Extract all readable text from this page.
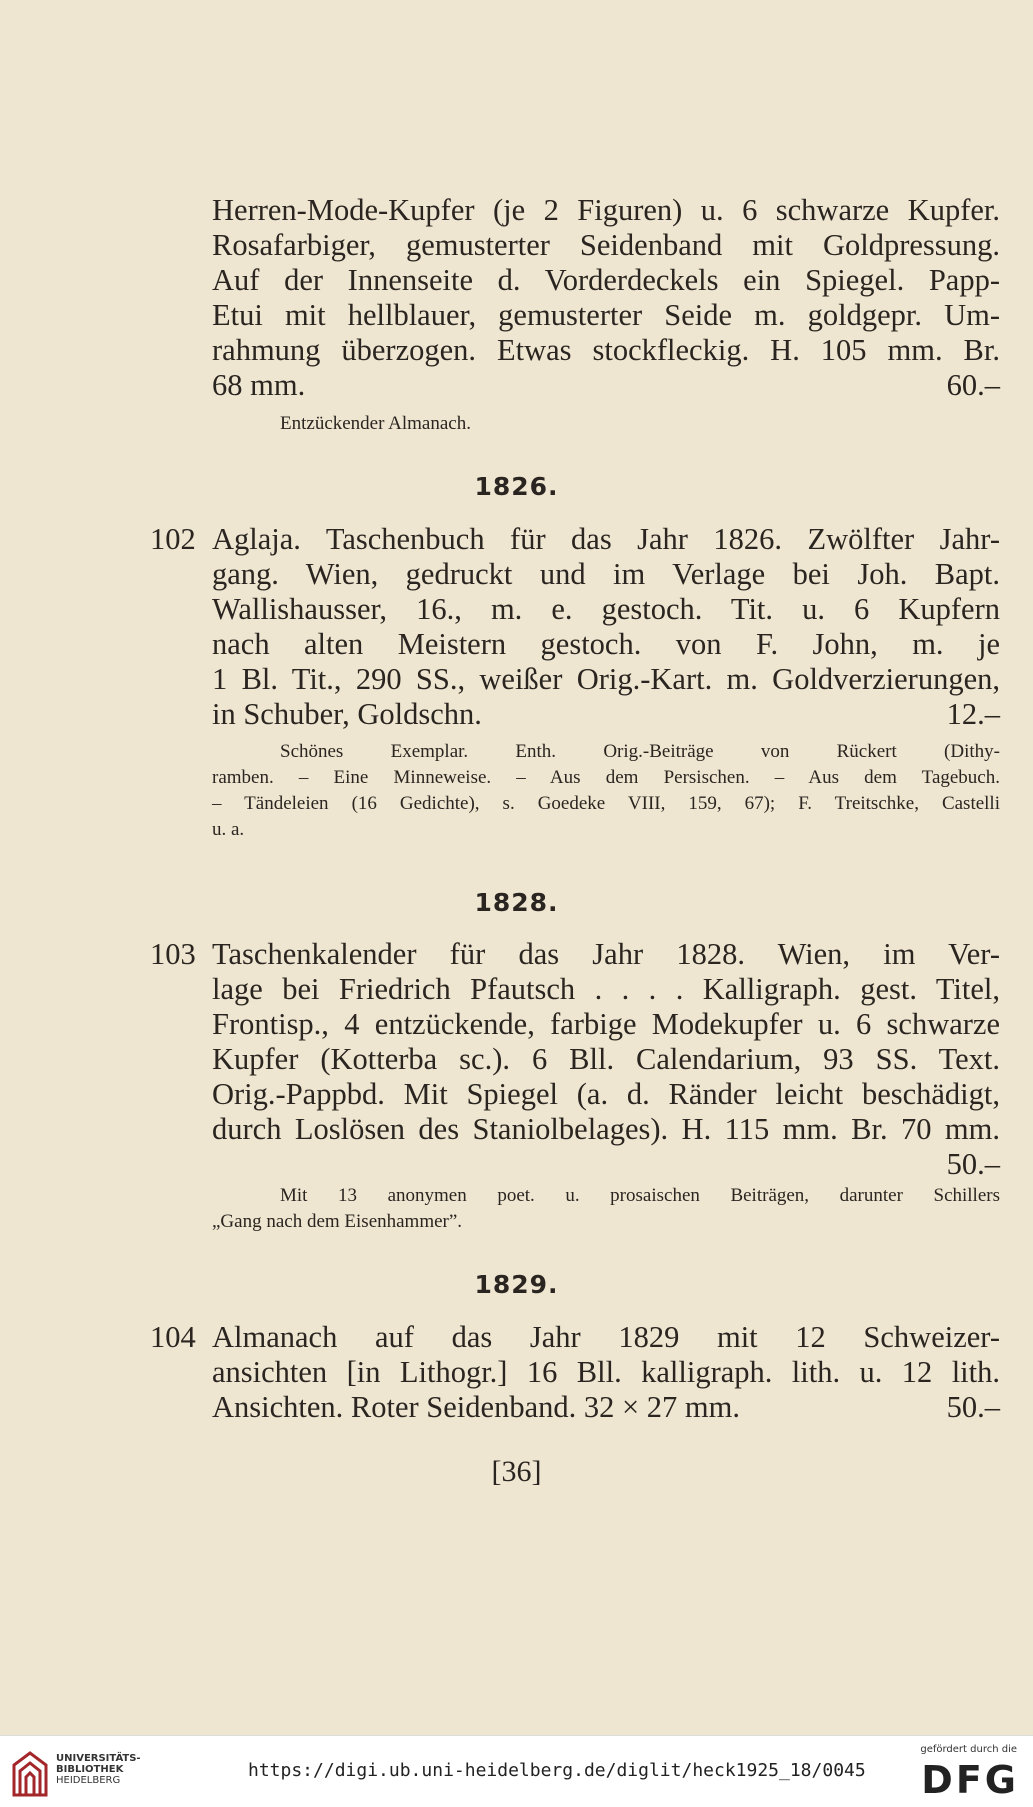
Herren-Mode-Kupfer (je 2 Figuren) u. 6 schwarze Kupfer.
Rosafarbiger, gemusterter Seidenband mit Goldpressung.
Auf der Innenseite d. Vorderdeckels ein Spiegel. Papp-
Etui mit hellblauer, gemusterter Seide m. goldgepr. Um-
rahmung überzogen. Etwas stockfleckig. H. 105 mm. Br.
68 mm.	60.–
Entzückender Almanach.
1826.
102 Aglaja. Taschenbuch für das Jahr 1826. Zwölfter Jahr-
gang. Wien, gedruckt und im Verlage bei Joh. Bapt.
Wallishausser, 16., m. e. gestoch. Tit. u. 6 Kupfern
nach alten Meistern gestoch. von F. John, m. je
1 Bl. Tit., 290 SS., weißer Orig.-Kart. m. Goldverzierungen,
in Schuber, Goldschn.	12.–
Schönes Exemplar. Enth. Orig.-Beiträge von Rückert (Dithy-
ramben. – Eine Minneweise. – Aus dem Persischen. – Aus dem Tagebuch.
– Tändeleien (16 Gedichte), s. Goedeke VIII, 159, 67); F. Treitschke, Castelli
u. a.
1828.
103 Taschenkalender für das Jahr 1828. Wien, im Ver-
lage bei Friedrich Pfautsch . . . . Kalligraph. gest. Titel,
Frontisp., 4 entzückende, farbige Modekupfer u. 6 schwarze
Kupfer (Kotterba sc.). 6 Bll. Calendarium, 93 SS. Text.
Orig.-Pappbd. Mit Spiegel (a. d. Ränder leicht beschädigt,
durch Loslösen des Staniolbelages). H. 115 mm. Br. 70 mm.
50.–
Mit 13 anonymen poet. u. prosaischen Beiträgen, darunter Schillers
„Gang nach dem Eisenhammer”.
1829.
104 Almanach auf das Jahr 1829 mit 12 Schweizer-
ansichten [in Lithogr.] 16 Bll. kalligraph. lith. u. 12 lith.
Ansichten. Roter Seidenband. 32 × 27 mm.	50.–
[36]
UNIVERSITÄTS-
BIBLIOTHEK
HEIDELBERG	https://digi.ub.uni-heidelberg.de/diglit/heck1925_18/0045
gefördert durch die
DFG
